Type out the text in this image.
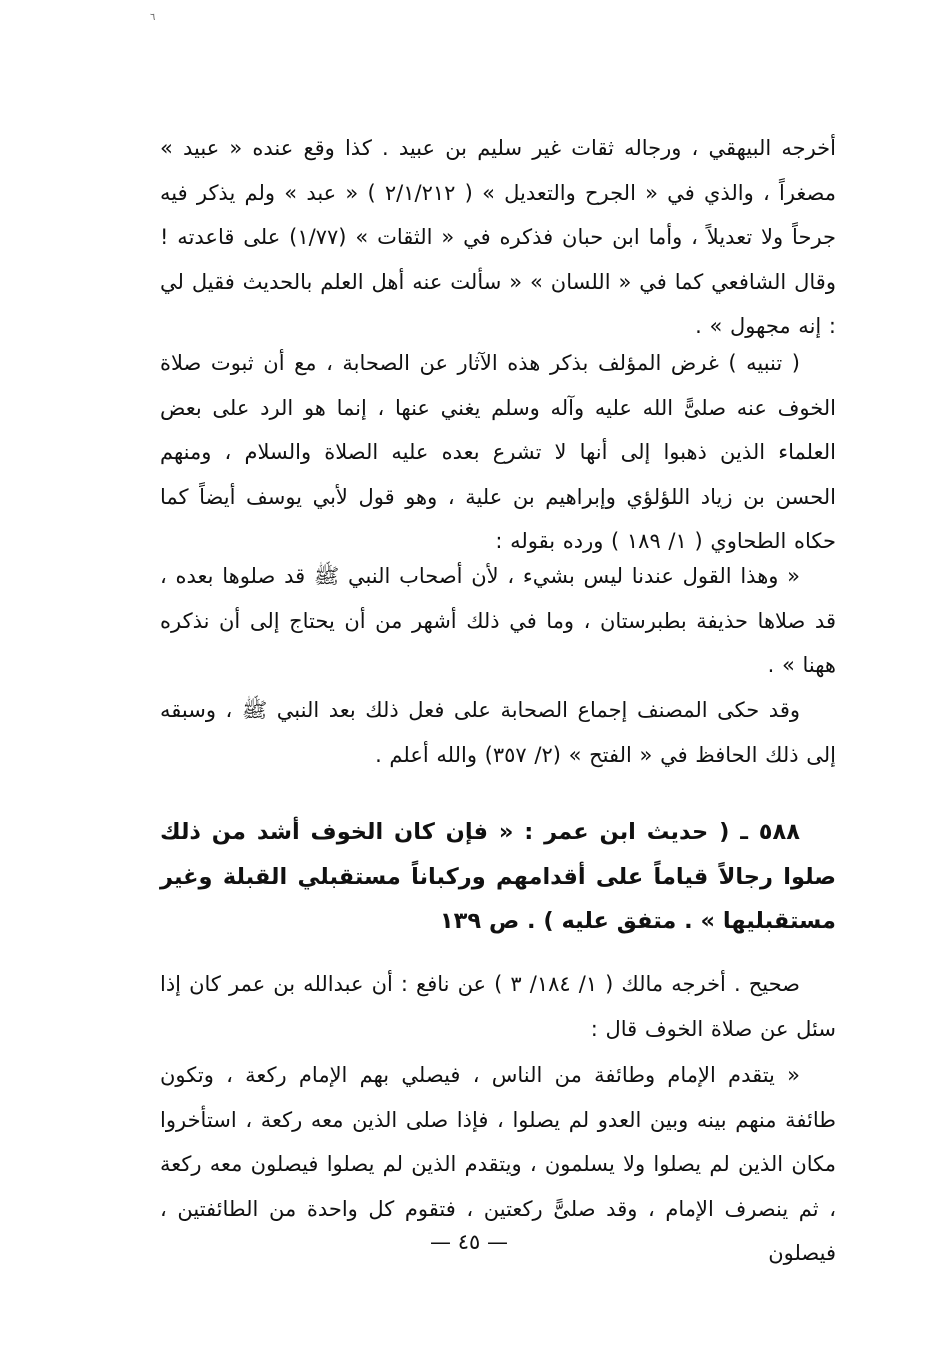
٦

أخرجه البيهقي ، ورجاله ثقات غير سليم بن عبيد . كذا وقع عنده « عبيد » مصغراً ، والذي في « الجرح والتعديل » ( ٢/١/٢١٢ ) « عبد » ولم يذكر فيه جرحاً ولا تعديلاً ، وأما ابن حبان فذكره في « الثقات » (١/٧٧) على قاعدته ! وقال الشافعي كما في « اللسان » « سألت عنه أهل العلم بالحديث فقيل لي : إنه مجهول » .

( تنبيه ) غرض المؤلف بذكر هذه الآثار عن الصحابة ، مع أن ثبوت صلاة الخوف عنه صلىًّ الله عليه وآله وسلم يغني عنها ، إنما هو الرد على بعض العلماء الذين ذهبوا إلى أنها لا تشرع بعده عليه الصلاة والسلام ، ومنهم الحسن بن زياد اللؤلؤي وإبراهيم بن علية ، وهو قول لأبي يوسف أيضاً كما حكاه الطحاوي ( ١/ ١٨٩ ) ورده بقوله :

« وهذا القول عندنا ليس بشيء ، لأن أصحاب النبي ﷺ قد صلوها بعده ، قد صلاها حذيفة بطبرستان ، وما في ذلك أشهر من أن يحتاج إلى أن نذكره ههنا » .

وقد حكى المصنف إجماع الصحابة على فعل ذلك بعد النبي ﷺ ، وسبقه إلى ذلك الحافظ في « الفتح » (٢/ ٣٥٧) والله أعلم .

٥٨٨ ـ ( حديث ابن عمر : « فإن كان الخوف أشد من ذلك صلوا رجالاً قياماً على أقدامهم وركباناً مستقبلي القبلة وغير مستقبليها » . متفق عليه ) . ص ١٣٩

صحيح . أخرجه مالك ( ١/ ١٨٤/ ٣ ) عن نافع : أن عبدالله بن عمر كان إذا سئل عن صلاة الخوف قال :

« يتقدم الإمام وطائفة من الناس ، فيصلي بهم الإمام ركعة ، وتكون طائفة منهم بينه وبين العدو لم يصلوا ، فإذا صلى الذين معه ركعة ، استأخروا مكان الذين لم يصلوا ولا يسلمون ، ويتقدم الذين لم يصلوا فيصلون معه ركعة ، ثم ينصرف الإمام ، وقد صلىًّ ركعتين ، فتقوم كل واحدة من الطائفتين ، فيصلون

— ٤٥ —
